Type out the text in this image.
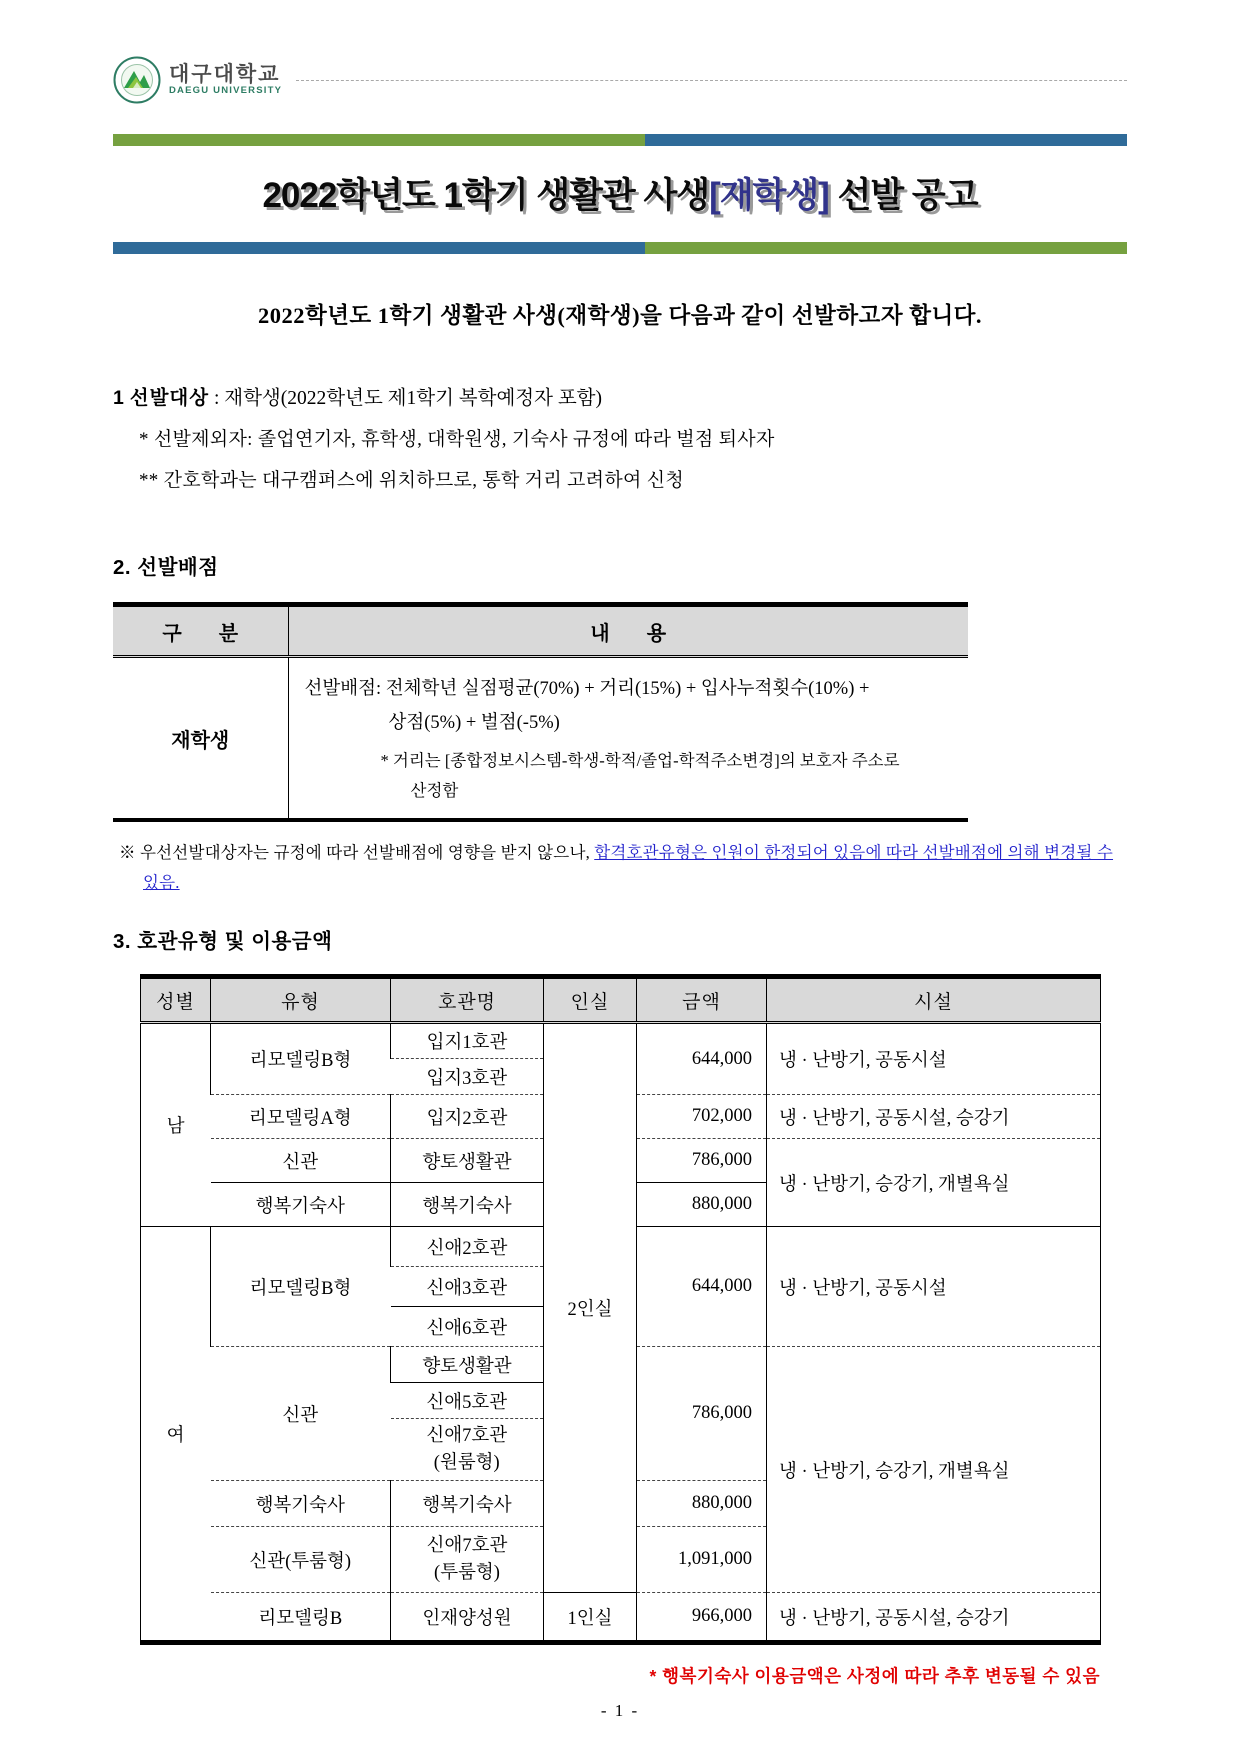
대구대학교
DAEGU UNIVERSITY
2022학년도 1학기 생활관 사생[재학생] 선발 공고

2022학년도 1학기 생활관 사생(재학생)을 다음과 같이 선발하고자 합니다.

1 선발대상 : 재학생(2022학년도 제1학기 복학예정자 포함)
* 선발제외자: 졸업연기자, 휴학생, 대학원생, 기숙사 규정에 따라 벌점 퇴사자
** 간호학과는 대구캠퍼스에 위치하므로, 통학 거리 고려하여 신청
2. 선발배점
구 분	내 용
재학생	선발배점: 전체학년 실점평균(70%) + 거리(15%) + 입사누적횟수(10%) +
상점(5%) + 벌점(-5%)
* 거리는 [종합정보시스템-학생-학적/졸업-학적주소변경]의 보호자 주소로
산정함

※ 우선선발대상자는 규정에 따라 선발배점에 영향을 받지 않으나, 합격호관유형은 인원이 한정되어 있음에 따라 선발배점에 의해 변경될 수 있음.

3. 호관유형 및 이용금액
성별	유형	호관명	인실	금액	시설
남	리모델링B형	입지1호관	2인실	644,000	냉 · 난방기, 공동시설
		입지3호관			
	리모델링A형	입지2호관		702,000	냉 · 난방기, 공동시설, 승강기
	신관	향토생활관		786,000	냉 · 난방기, 승강기, 개별욕실
	행복기숙사	행복기숙사		880,000	
여	리모델링B형	신애2호관		644,000	냉 · 난방기, 공동시설
		신애3호관			
		신애6호관			
	신관	향토생활관		786,000	냉 · 난방기, 승강기, 개별욕실
		신애5호관			

		신애7호관
(원룸형)			

	행복기숙사	행복기숙사		880,000	
	신관(투룸형)	신애7호관
(투룸형)		1,091,000	
	리모델링B	인재양성원	1인실	966,000	냉 · 난방기, 공동시설, 승강기
* 행복기숙사 이용금액은 사정에 따라 추후 변동될 수 있음
- 1 -
